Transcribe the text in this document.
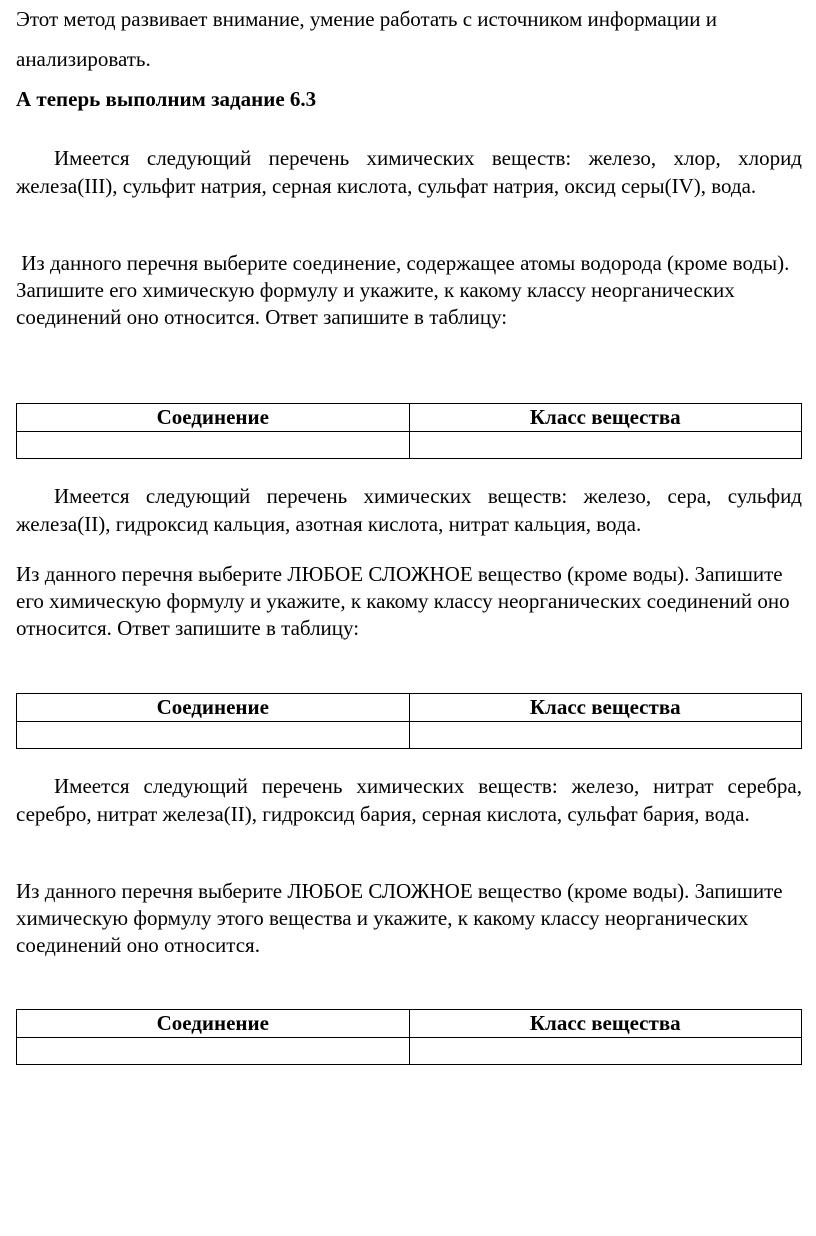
Этот метод развивает внимание, умение работать с источником информации и
анализировать.
А теперь выполним задание 6.3

Имеется следующий перечень химических веществ: железо, хлор, хлорид железа(III), сульфит натрия, серная кислота, сульфат натрия, оксид серы(IV), вода.

Из данного перечня выберите соединение, содержащее атомы водорода (кроме воды). Запишите его химическую формулу и укажите, к какому классу неорганических соединений оно относится. Ответ запишите в таблицу:

Соединение	Класс вещества

Имеется следующий перечень химических веществ: железо, сера, сульфид железа(II), гидроксид кальция, азотная кислота, нитрат кальция, вода.

Из данного перечня выберите ЛЮБОЕ СЛОЖНОЕ вещество (кроме воды). Запишите его химическую формулу и укажите, к какому классу неорганических соединений оно относится. Ответ запишите в таблицу:

Соединение	Класс вещества

Имеется следующий перечень химических веществ: железо, нитрат серебра, серебро, нитрат железа(II), гидроксид бария, серная кислота, сульфат бария, вода.

Из данного перечня выберите ЛЮБОЕ СЛОЖНОЕ вещество (кроме воды). Запишите химическую формулу этого вещества и укажите, к какому классу неорганических соединений оно относится.

Соединение	Класс вещества
